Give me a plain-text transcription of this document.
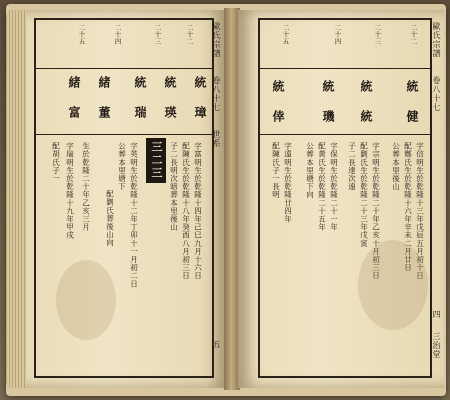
歐氏宗譜
卷八十七
世系
五
二十二
二十三
二十四
二十五
統
璋
統
瑛
統
瑞
緒
董
緒
富
三二三	字富明生於乾隆十四年己巳九月十六日
配陳氏生於乾隆十八年癸酉八月初三日
子二長明次暗葬本里後山
字英明生於乾隆十二年丁卯十一月初二日
公葬本里塘下
配劉氏葬後山向
生於乾隆二十年乙亥三月
字瑞明生於乾隆十九年甲戌
配胡氏子一
歐氏宗譜
卷八十七
四
三治堂
二十二
二十三
二十四
二十五
統
健
統
統
統
璣
統
倖
字信明生於乾隆十三年戊辰五月初十日
配鄭氏生於乾隆十六年辛未二月廿日
公葬本里後山
字宗明生於乾隆二十年乙亥十月初三日
配劉氏生於乾隆二十三年戊寅
子二長達次遠
字保明生於乾隆二十一年
配黃氏生於乾隆二十五年
公葬本里塘下向
字遠明生於乾隆廿四年
配陳氏子一長明
